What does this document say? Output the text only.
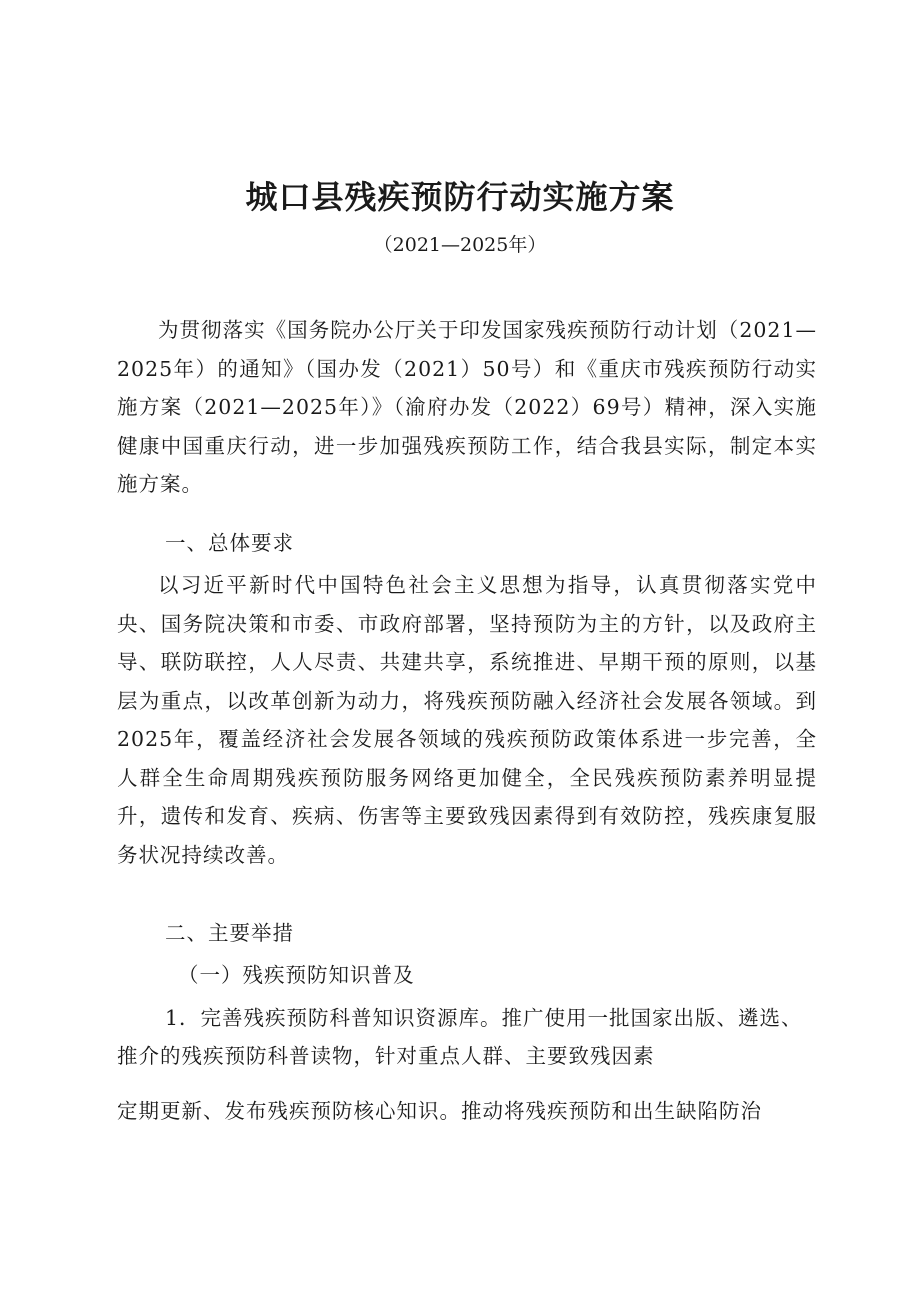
城口县残疾预防行动实施方案
（2021—2025年）
为贯彻落实《国务院办公厅关于印发国家残疾预防行动计划（2021—2025年）的通知》（国办发（2021）50号）和《重庆市残疾预防行动实施方案（2021—2025年）》（渝府办发（2022）69号）精神，深入实施健康中国重庆行动，进一步加强残疾预防工作，结合我县实际，制定本实施方案。
一、总体要求
以习近平新时代中国特色社会主义思想为指导，认真贯彻落实党中央、国务院决策和市委、市政府部署，坚持预防为主的方针，以及政府主导、联防联控，人人尽责、共建共享，系统推进、早期干预的原则，以基层为重点，以改革创新为动力，将残疾预防融入经济社会发展各领域。到2025年，覆盖经济社会发展各领域的残疾预防政策体系进一步完善，全人群全生命周期残疾预防服务网络更加健全，全民残疾预防素养明显提升，遗传和发育、疾病、伤害等主要致残因素得到有效防控，残疾康复服务状况持续改善。
二、主要举措
（一）残疾预防知识普及
1．完善残疾预防科普知识资源库。推广使用一批国家出版、遴选、
推介的残疾预防科普读物，针对重点人群、主要致残因素
定期更新、发布残疾预防核心知识。推动将残疾预防和出生缺陷防治
